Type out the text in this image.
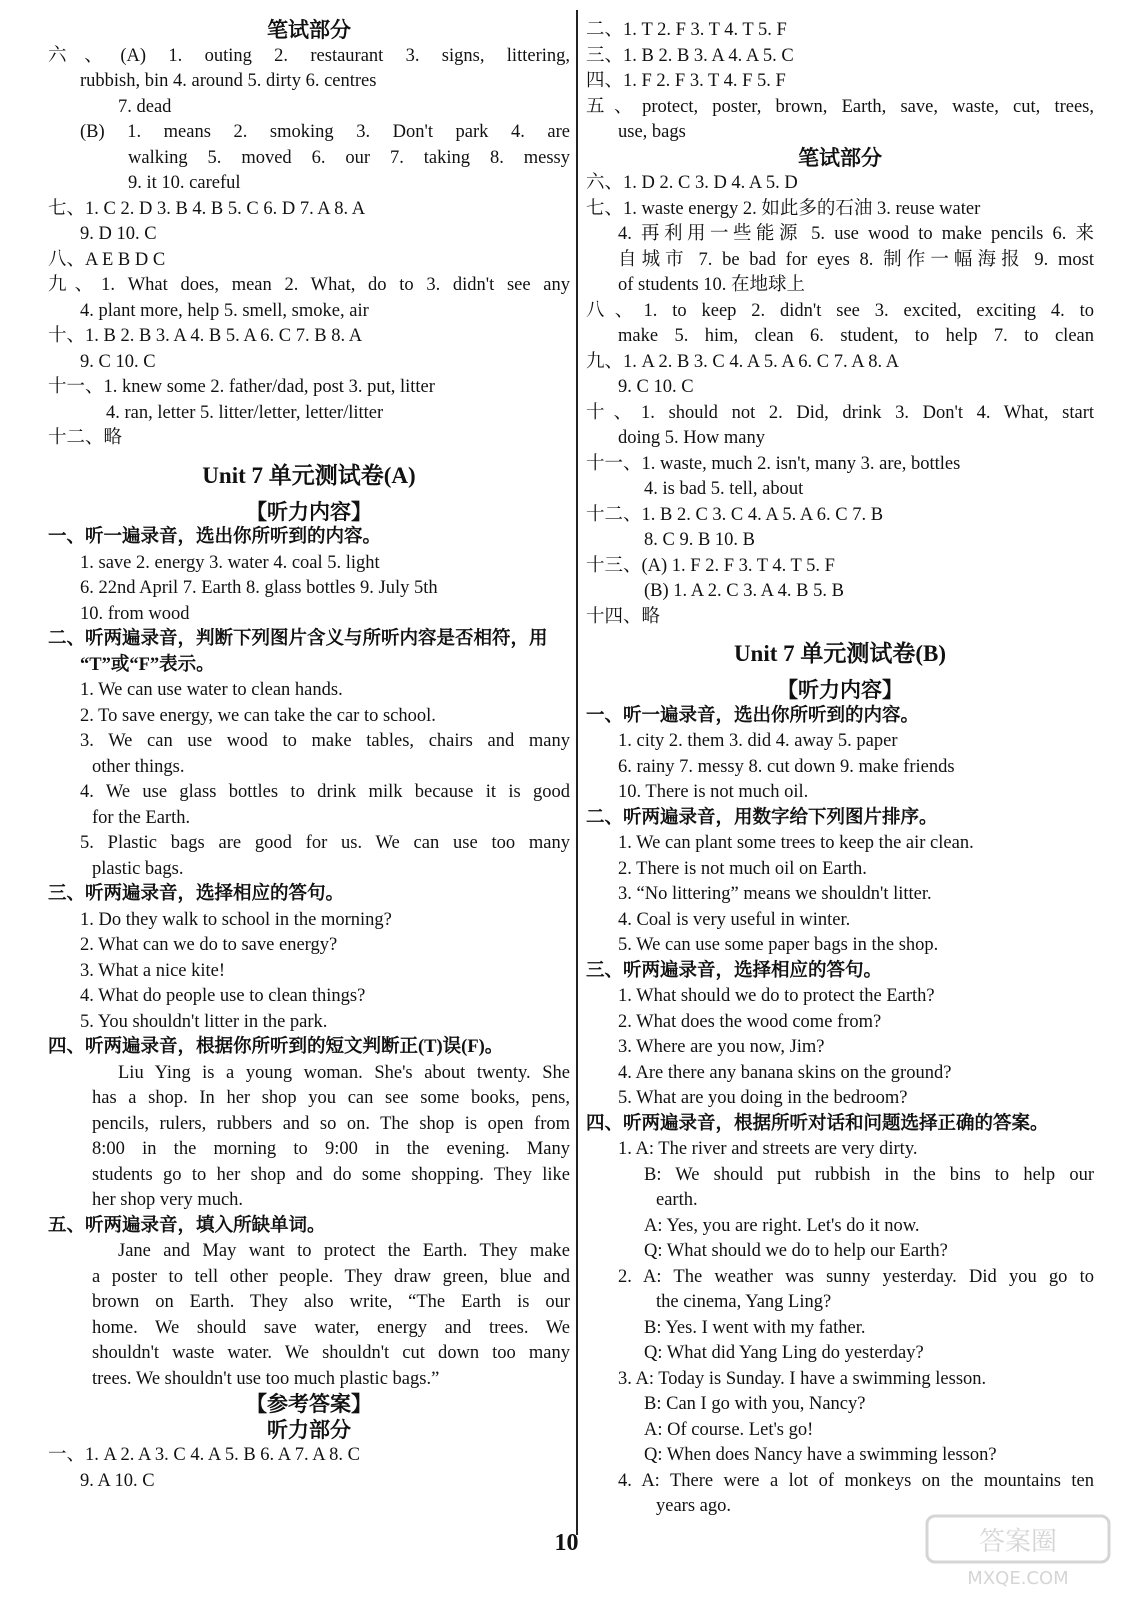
笔试部分
六、(A) 1. outing 2. restaurant 3. signs, littering,
rubbish, bin 4. around 5. dirty 6. centres
7. dead
(B) 1. means 2. smoking 3. Don't park 4. are
walking 5. moved 6. our 7. taking 8. messy
9. it 10. careful
七、1. C 2. D 3. B 4. B 5. C 6. D 7. A 8. A
9. D 10. C
八、A E B D C
九、1. What does, mean 2. What, do to 3. didn't see any
4. plant more, help 5. smell, smoke, air
十、1. B 2. B 3. A 4. B 5. A 6. C 7. B 8. A
9. C 10. C
十一、1. knew some 2. father/dad, post 3. put, litter
4. ran, letter 5. litter/letter, letter/litter
十二、略
Unit 7 单元测试卷(A)
【听力内容】
一、听一遍录音，选出你所听到的内容。
1. save 2. energy 3. water 4. coal 5. light
6. 22nd April 7. Earth 8. glass bottles 9. July 5th
10. from wood
二、听两遍录音，判断下列图片含义与所听内容是否相符，用
“T”或“F”表示。
1. We can use water to clean hands.
2. To save energy, we can take the car to school.
3. We can use wood to make tables, chairs and many
other things.
4. We use glass bottles to drink milk because it is good
for the Earth.
5. Plastic bags are good for us. We can use too many
plastic bags.
三、听两遍录音，选择相应的答句。
1. Do they walk to school in the morning?
2. What can we do to save energy?
3. What a nice kite!
4. What do people use to clean things?
5. You shouldn't litter in the park.
四、听两遍录音，根据你所听到的短文判断正(T)误(F)。
Liu Ying is a young woman. She's about twenty. She
has a shop. In her shop you can see some books, pens,
pencils, rulers, rubbers and so on. The shop is open from
8:00 in the morning to 9:00 in the evening. Many
students go to her shop and do some shopping. They like
her shop very much.
五、听两遍录音，填入所缺单词。
Jane and May want to protect the Earth. They make
a poster to tell other people. They draw green, blue and
brown on Earth. They also write, “The Earth is our
home. We should save water, energy and trees. We
shouldn't waste water. We shouldn't cut down too many
trees. We shouldn't use too much plastic bags.”
【参考答案】
听力部分
一、1. A 2. A 3. C 4. A 5. B 6. A 7. A 8. C
9. A 10. C
二、1. T 2. F 3. T 4. T 5. F
三、1. B 2. B 3. A 4. A 5. C
四、1. F 2. F 3. T 4. F 5. F
五、protect, poster, brown, Earth, save, waste, cut, trees,
use, bags
笔试部分
六、1. D 2. C 3. D 4. A 5. D
七、1. waste energy 2. 如此多的石油 3. reuse water
4. 再利用一些能源 5. use wood to make pencils 6. 来
自城市 7. be bad for eyes 8. 制作一幅海报 9. most
of students 10. 在地球上
八、1. to keep 2. didn't see 3. excited, exciting 4. to
make 5. him, clean 6. student, to help 7. to clean
九、1. A 2. B 3. C 4. A 5. A 6. C 7. A 8. A
9. C 10. C
十、1. should not 2. Did, drink 3. Don't 4. What, start
doing 5. How many
十一、1. waste, much 2. isn't, many 3. are, bottles
4. is bad 5. tell, about
十二、1. B 2. C 3. C 4. A 5. A 6. C 7. B
8. C 9. B 10. B
十三、(A) 1. F 2. F 3. T 4. T 5. F
(B) 1. A 2. C 3. A 4. B 5. B
十四、略
Unit 7 单元测试卷(B)
【听力内容】
一、听一遍录音，选出你所听到的内容。
1. city 2. them 3. did 4. away 5. paper
6. rainy 7. messy 8. cut down 9. make friends
10. There is not much oil.
二、听两遍录音，用数字给下列图片排序。
1. We can plant some trees to keep the air clean.
2. There is not much oil on Earth.
3. “No littering” means we shouldn't litter.
4. Coal is very useful in winter.
5. We can use some paper bags in the shop.
三、听两遍录音，选择相应的答句。
1. What should we do to protect the Earth?
2. What does the wood come from?
3. Where are you now, Jim?
4. Are there any banana skins on the ground?
5. What are you doing in the bedroom?
四、听两遍录音，根据所听对话和问题选择正确的答案。
1. A: The river and streets are very dirty.
B: We should put rubbish in the bins to help our
earth.
A: Yes, you are right. Let's do it now.
Q: What should we do to help our Earth?
2. A: The weather was sunny yesterday. Did you go to
the cinema, Yang Ling?
B: Yes. I went with my father.
Q: What did Yang Ling do yesterday?
3. A: Today is Sunday. I have a swimming lesson.
B: Can I go with you, Nancy?
A: Of course. Let's go!
Q: When does Nancy have a swimming lesson?
4. A: There were a lot of monkeys on the mountains ten
years ago.
10	答案圈
MXQE.COM
